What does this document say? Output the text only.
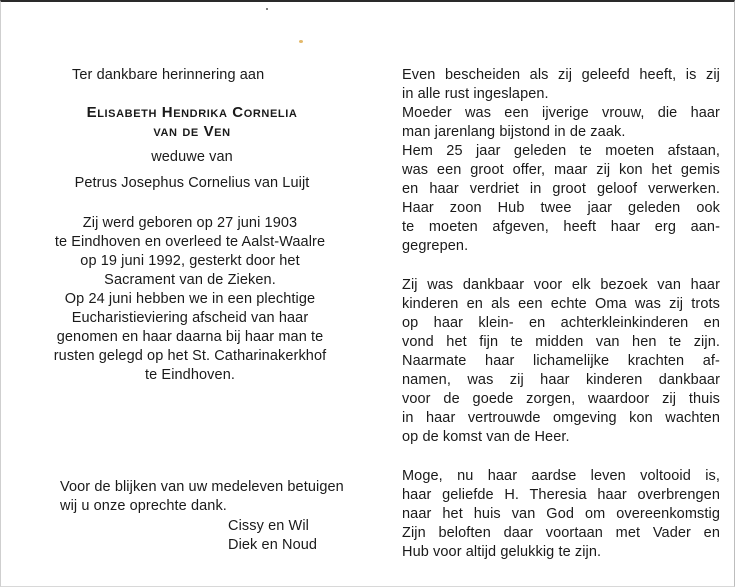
Ter dankbare herinnering aan
Elisabeth Hendrika Cornelia
van de Ven
weduwe van
Petrus Josephus Cornelius van Luijt
Zij werd geboren op 27 juni 1903
te Eindhoven en overleed te Aalst-Waalre
op 19 juni 1992, gesterkt door het
Sacrament van de Zieken.
Op 24 juni hebben we in een plechtige
Eucharistieviering afscheid van haar
genomen en haar daarna bij haar man te
rusten gelegd op het St. Catharinakerkhof
te Eindhoven.
Voor de blijken van uw medeleven betuigen
wij u onze oprechte dank.
Cissy en Wil
Diek en Noud
Even bescheiden als zij geleefd heeft, is zij
in alle rust ingeslapen.
Moeder was een ijverige vrouw, die haar
man jarenlang bijstond in de zaak.
Hem 25 jaar geleden te moeten afstaan,
was een groot offer, maar zij kon het gemis
en haar verdriet in groot geloof verwerken.
Haar zoon Hub twee jaar geleden ook
te moeten afgeven, heeft haar erg aan-
gegrepen.
Zij was dankbaar voor elk bezoek van haar
kinderen en als een echte Oma was zij trots
op haar klein- en achterkleinkinderen en
vond het fijn te midden van hen te zijn.
Naarmate haar lichamelijke krachten af-
namen, was zij haar kinderen dankbaar
voor de goede zorgen, waardoor zij thuis
in haar vertrouwde omgeving kon wachten
op de komst van de Heer.
Moge, nu haar aardse leven voltooid is,
haar geliefde H. Theresia haar overbrengen
naar het huis van God om overeenkomstig
Zijn beloften daar voortaan met Vader en
Hub voor altijd gelukkig te zijn.
